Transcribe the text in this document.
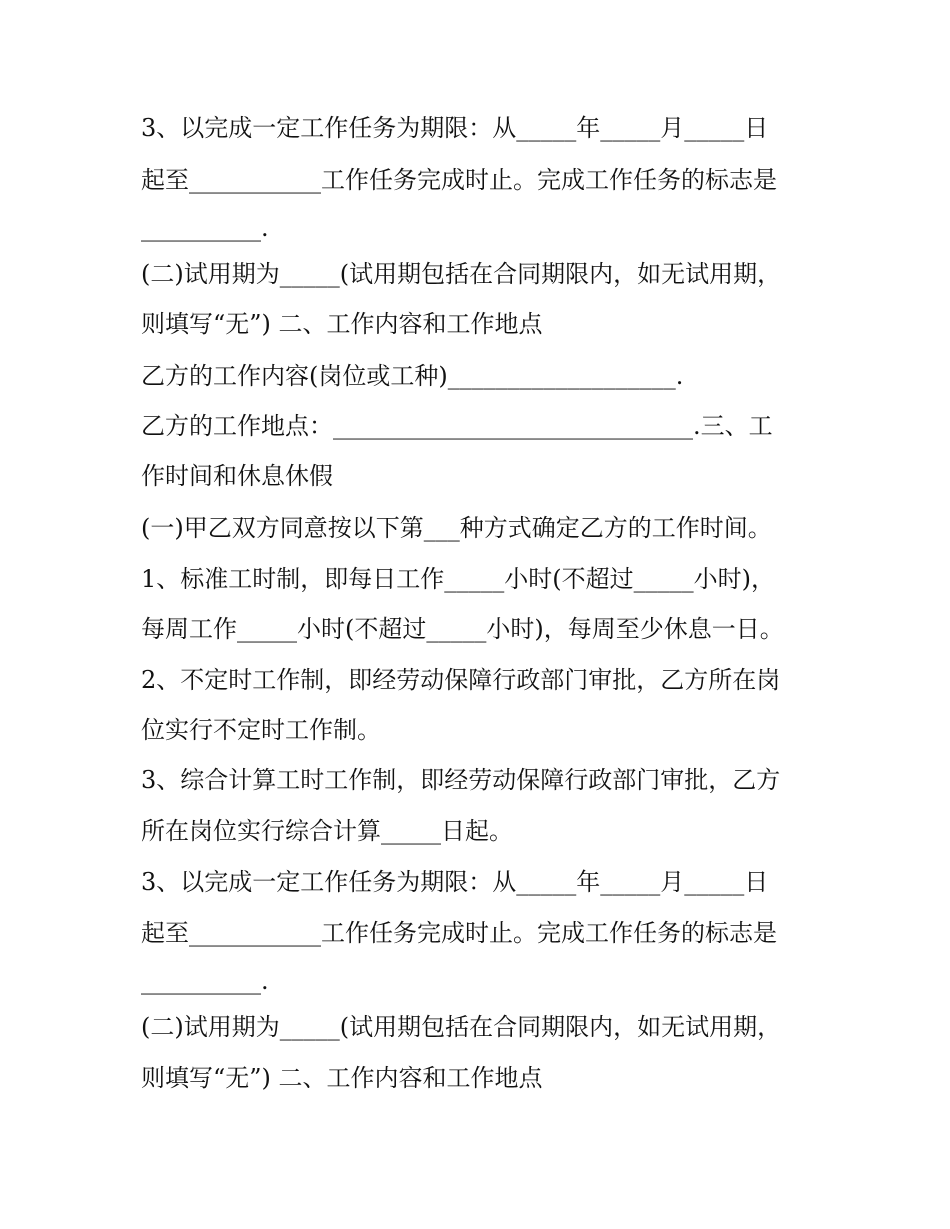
3、以完成一定工作任务为期限：从_____年_____月_____日
起至___________工作任务完成时止。完成工作任务的标志是
__________.
(二)试用期为_____(试用期包括在合同期限内，如无试用期，
则填写“无”) 二、工作内容和工作地点
乙方的工作内容(岗位或工种)___________________.
乙方的工作地点：______________________________.三、工
作时间和休息休假
(一)甲乙双方同意按以下第___种方式确定乙方的工作时间。
1、标准工时制，即每日工作_____小时(不超过_____小时)，
每周工作_____小时(不超过_____小时)，每周至少休息一日。
2、不定时工作制，即经劳动保障行政部门审批，乙方所在岗
位实行不定时工作制。
3、综合计算工时工作制，即经劳动保障行政部门审批，乙方
所在岗位实行综合计算_____日起。
3、以完成一定工作任务为期限：从_____年_____月_____日
起至___________工作任务完成时止。完成工作任务的标志是
__________.
(二)试用期为_____(试用期包括在合同期限内，如无试用期，
则填写“无”) 二、工作内容和工作地点
